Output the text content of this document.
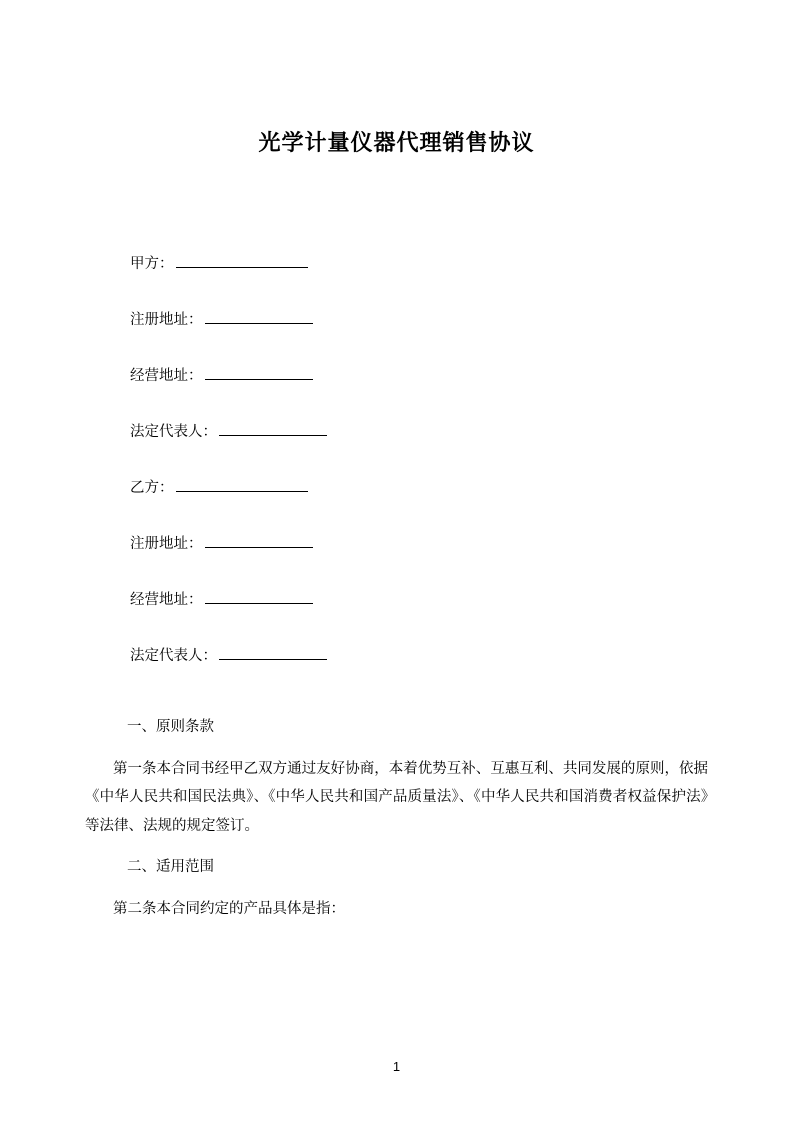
光学计量仪器代理销售协议

甲方：

注册地址：

经营地址：

法定代表人：

乙方：

注册地址：

经营地址：

法定代表人：

一、原则条款

第一条本合同书经甲乙双方通过友好协商，本着优势互补、互惠互利、共同发展的原则，依据《中华人民共和国民法典》、《中华人民共和国产品质量法》、《中华人民共和国消费者权益保护法》等法律、法规的规定签订。

二、适用范围

第二条本合同约定的产品具体是指：

1
